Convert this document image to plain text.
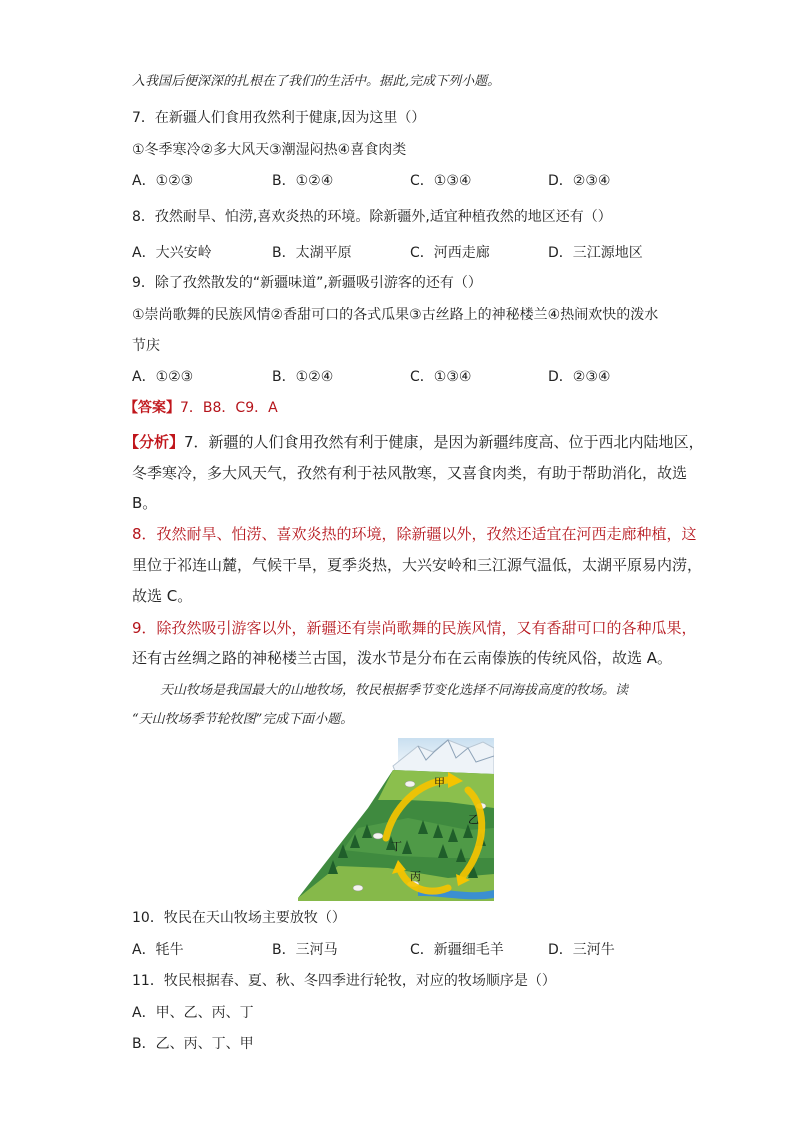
入我国后便深深的扎根在了我们的生活中。据此,完成下列小题。
7．在新疆人们食用孜然利于健康,因为这里（）
①冬季寒冷②多大风天③潮湿闷热④喜食肉类
A．①②③	B．①②④	C．①③④	D．②③④
8．孜然耐旱、怕涝,喜欢炎热的环境。除新疆外,适宜种植孜然的地区还有（）
A．大兴安岭	B．太湖平原	C．河西走廊	D．三江源地区
9．除了孜然散发的“新疆味道”,新疆吸引游客的还有（）
①崇尚歌舞的民族风情②香甜可口的各式瓜果③古丝路上的神秘楼兰④热闹欢快的泼水
节庆
A．①②③	B．①②④	C．①③④	D．②③④
【答案】7．B8．C9．A
【分析】7．新疆的人们食用孜然有利于健康，是因为新疆纬度高、位于西北内陆地区，
冬季寒冷，多大风天气，孜然有利于祛风散寒，又喜食肉类，有助于帮助消化，故选
B。
8．孜然耐旱、怕涝、喜欢炎热的环境，除新疆以外，孜然还适宜在河西走廊种植，这
里位于祁连山麓，气候干旱，夏季炎热，大兴安岭和三江源气温低，太湖平原易内涝，
故选 C。
9．除孜然吸引游客以外，新疆还有崇尚歌舞的民族风情，又有香甜可口的各种瓜果，
还有古丝绸之路的神秘楼兰古国，泼水节是分布在云南傣族的传统风俗，故选 A。
天山牧场是我国最大的山地牧场，牧民根据季节变化选择不同海拔高度的牧场。读
“天山牧场季节轮牧图”完成下面小题。
甲
乙
丁
丙
10．牧民在天山牧场主要放牧（）
A．牦牛	B．三河马	C．新疆细毛羊	D．三河牛
11．牧民根据春、夏、秋、冬四季进行轮牧，对应的牧场顺序是（）
A．甲、乙、丙、丁
B．乙、丙、丁、甲
